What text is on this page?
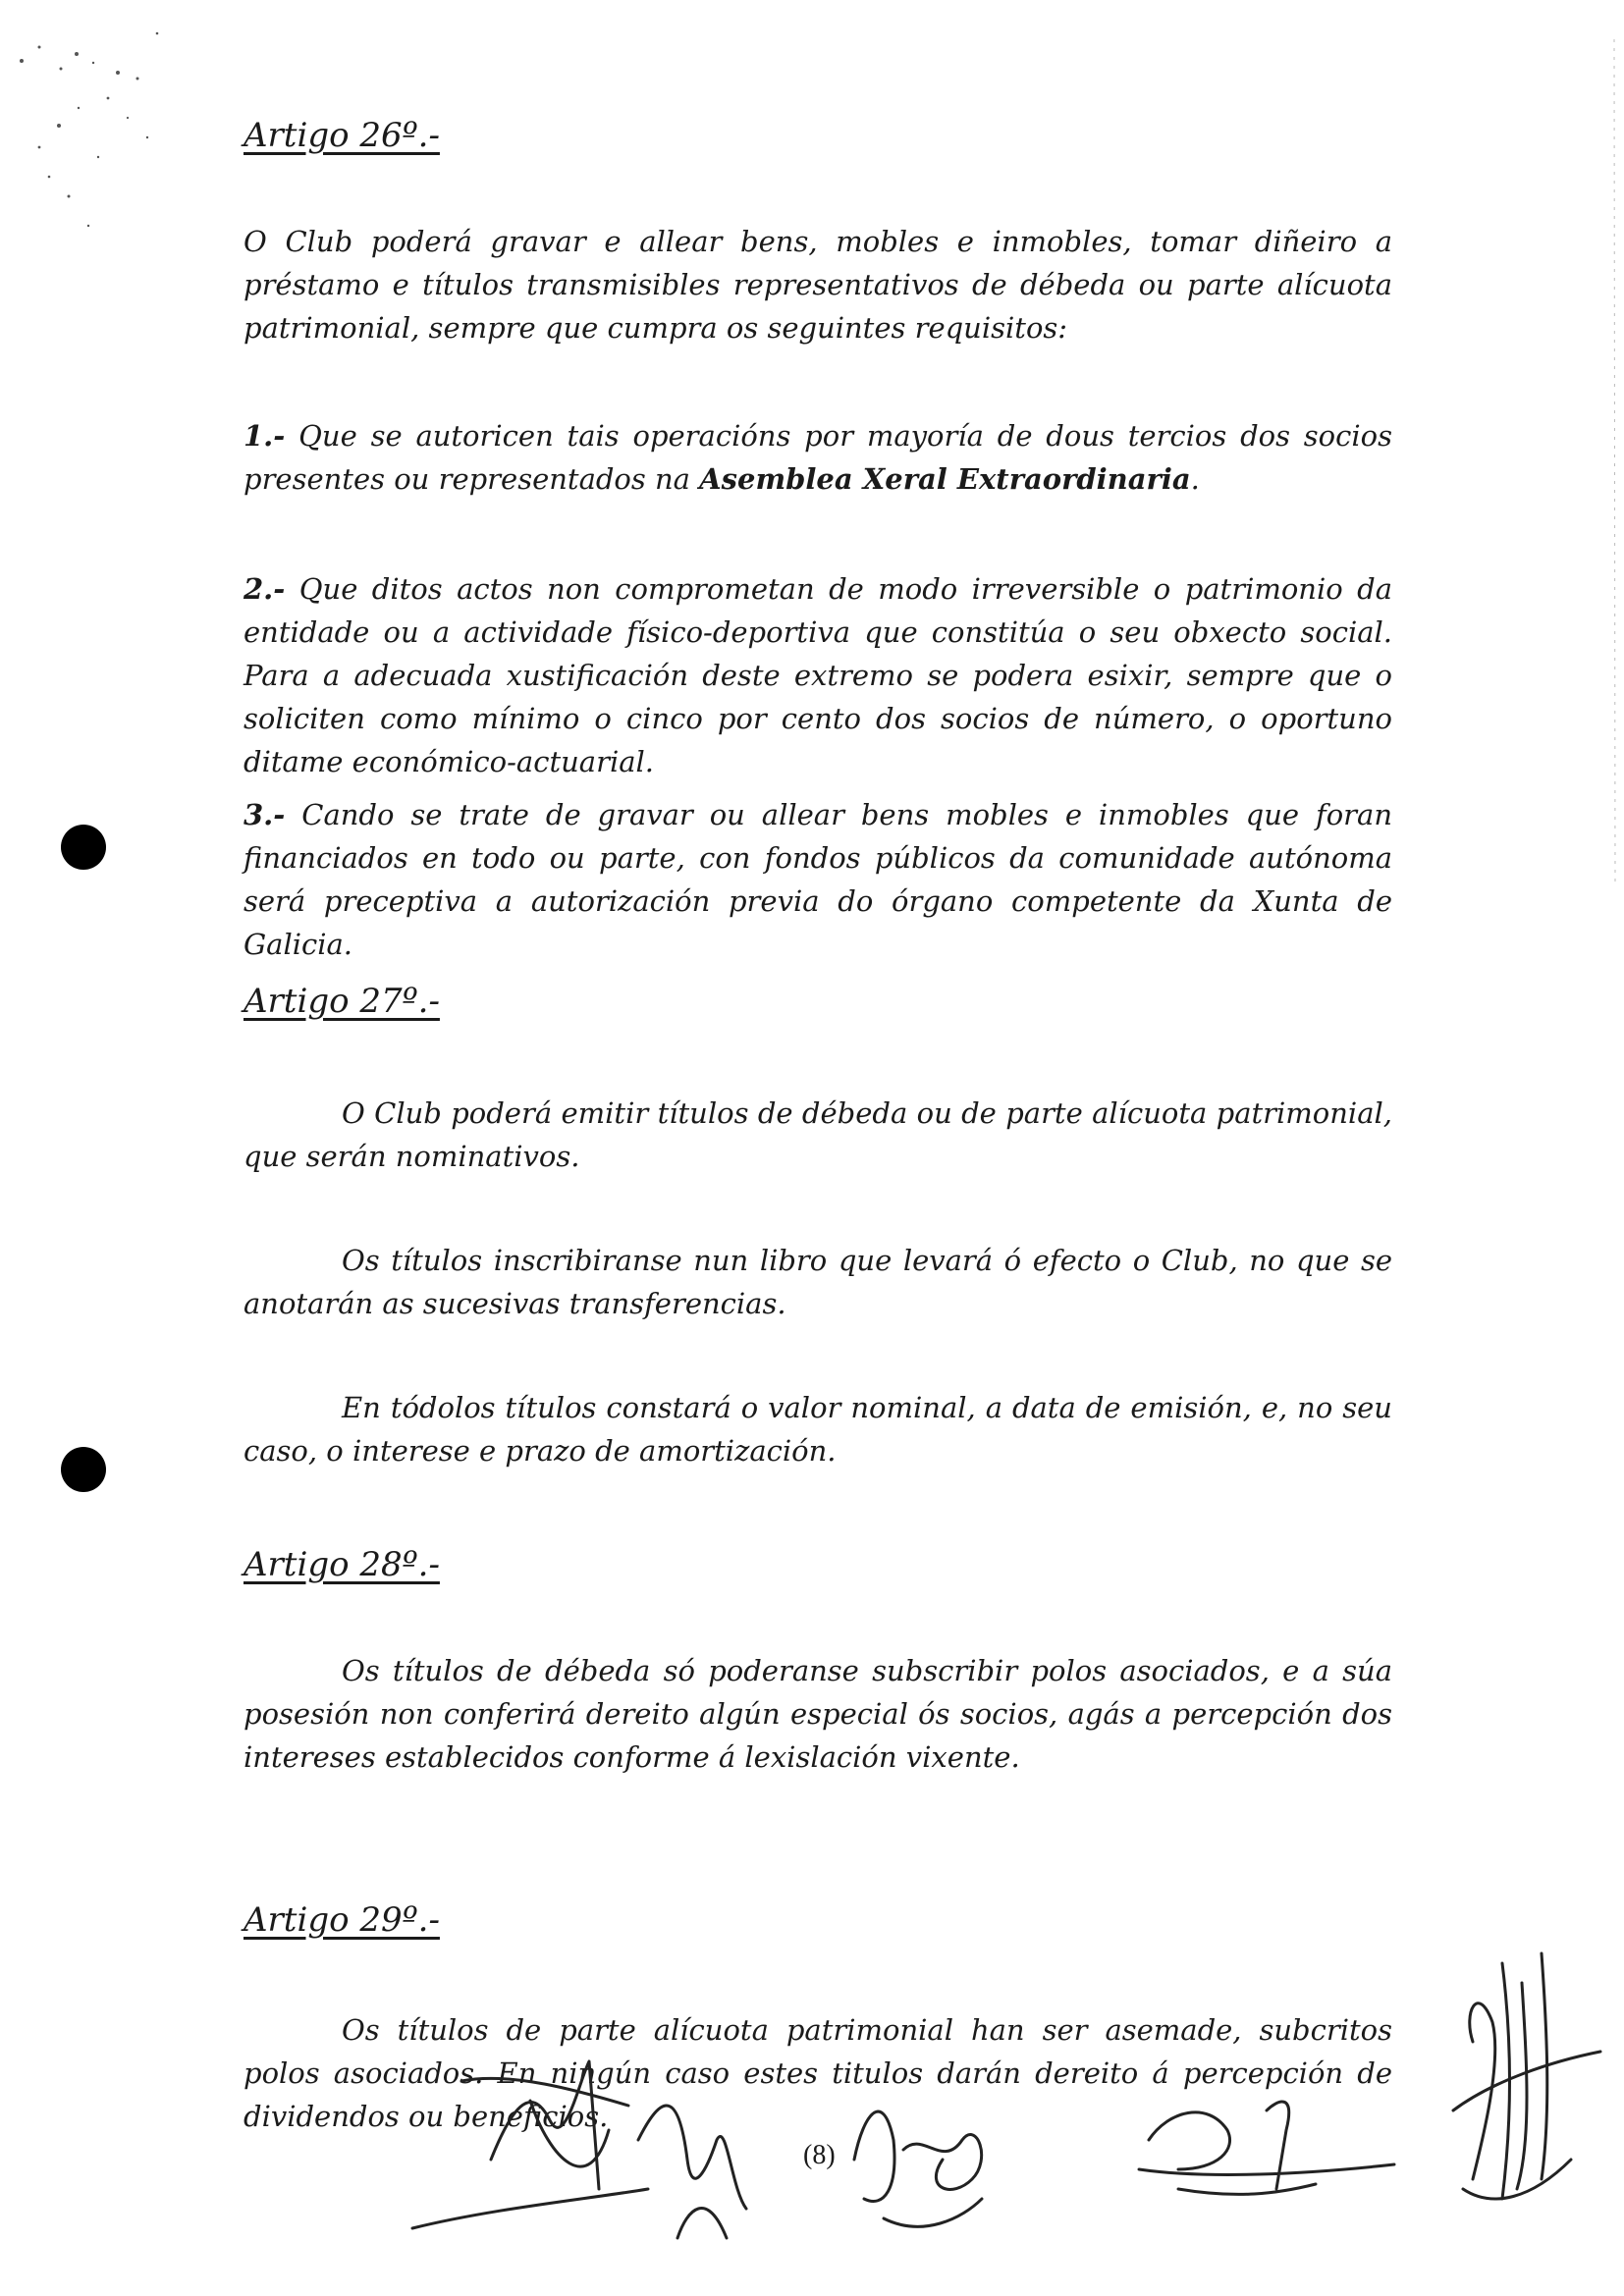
Artigo 26º.-
O Club poderá gravar e allear bens, mobles e inmobles, tomar diñeiro a préstamo e títulos transmisibles representativos de débeda ou parte alícuota patrimonial, sempre que cumpra os seguintes requisitos:
1.- Que se autoricen tais operacións por mayoría de dous tercios dos socios presentes ou representados na Asemblea Xeral Extraordinaria.
2.- Que ditos actos non comprometan de modo irreversible o patrimonio da entidade ou a actividade físico-deportiva que constitúa o seu obxecto social. Para a adecuada xustificación deste extremo se podera esixir, sempre que o soliciten como mínimo o cinco por cento dos socios de número, o oportuno ditame económico-actuarial.
3.- Cando se trate de gravar ou allear bens mobles e inmobles que foran financiados en todo ou parte, con fondos públicos da comunidade autónoma será preceptiva a autorización previa do órgano competente da Xunta de Galicia.
Artigo 27º.-
O Club poderá emitir títulos de débeda ou de parte alícuota patrimonial, que serán nominativos.
Os títulos inscribiranse nun libro que levará ó efecto o Club, no que se anotarán as sucesivas transferencias.
En tódolos títulos constará o valor nominal, a data de emisión, e, no seu caso, o interese e prazo de amortización.
Artigo 28º.-
Os títulos de débeda só poderanse subscribir polos asociados, e a súa posesión non conferirá dereito algún especial ós socios, agás a percepción dos intereses establecidos conforme á lexislación vixente.
Artigo 29º.-
Os títulos de parte alícuota patrimonial han ser asemade, subcritos polos asociados. En ningún caso estes titulos darán dereito á percepción de dividendos ou beneficios.
(8)
